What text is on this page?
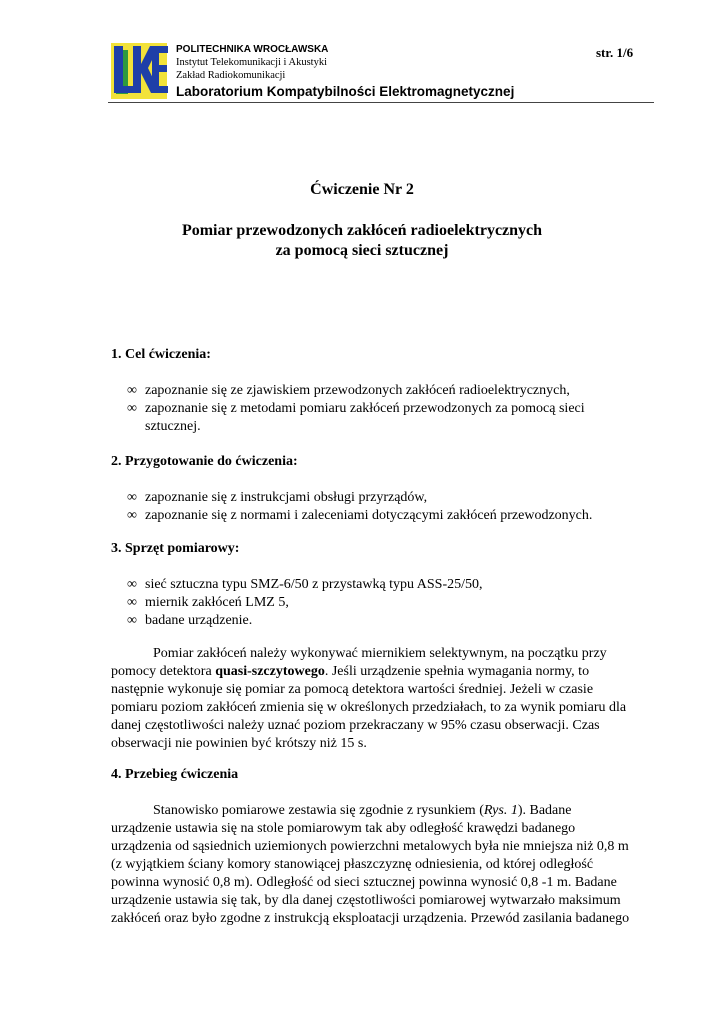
POLITECHNIKA WROCŁAWSKA
Instytut Telekomunikacji i Akustyki
Zakład Radiokomunikacji
Laboratorium Kompatybilności Elektromagnetycznej
str. 1/6
Ćwiczenie Nr 2
Pomiar przewodzonych zakłóceń radioelektrycznych
za pomocą sieci sztucznej
1. Cel ćwiczenia:
∞ zapoznanie się ze zjawiskiem przewodzonych zakłóceń radioelektrycznych,
∞ zapoznanie się z metodami pomiaru zakłóceń przewodzonych za pomocą sieci
sztucznej.
2. Przygotowanie do ćwiczenia:
∞ zapoznanie się z instrukcjami obsługi przyrządów,
∞ zapoznanie się z normami i zaleceniami dotyczącymi zakłóceń przewodzonych.
3. Sprzęt pomiarowy:
∞ sieć sztuczna typu SMZ-6/50 z przystawką typu ASS-25/50,
∞ miernik zakłóceń LMZ 5,
∞ badane urządzenie.
Pomiar zakłóceń należy wykonywać miernikiem selektywnym, na początku przy
pomocy detektora quasi-szczytowego. Jeśli urządzenie spełnia wymagania normy, to
następnie wykonuje się pomiar za pomocą detektora wartości średniej. Jeżeli w czasie
pomiaru poziom zakłóceń zmienia się w określonych przedziałach, to za wynik pomiaru dla
danej częstotliwości należy uznać poziom przekraczany w 95% czasu obserwacji. Czas
obserwacji nie powinien być krótszy niż 15 s.
4. Przebieg ćwiczenia
Stanowisko pomiarowe zestawia się zgodnie z rysunkiem (Rys. 1). Badane
urządzenie ustawia się na stole pomiarowym tak aby odległość krawędzi badanego
urządzenia od sąsiednich uziemionych powierzchni metalowych była nie mniejsza niż 0,8 m
(z wyjątkiem ściany komory stanowiącej płaszczyznę odniesienia, od której odległość
powinna wynosić 0,8 m). Odległość od sieci sztucznej powinna wynosić 0,8 -1 m. Badane
urządzenie ustawia się tak, by dla danej częstotliwości pomiarowej wytwarzało maksimum
zakłóceń oraz było zgodne z instrukcją eksploatacji urządzenia. Przewód zasilania badanego
